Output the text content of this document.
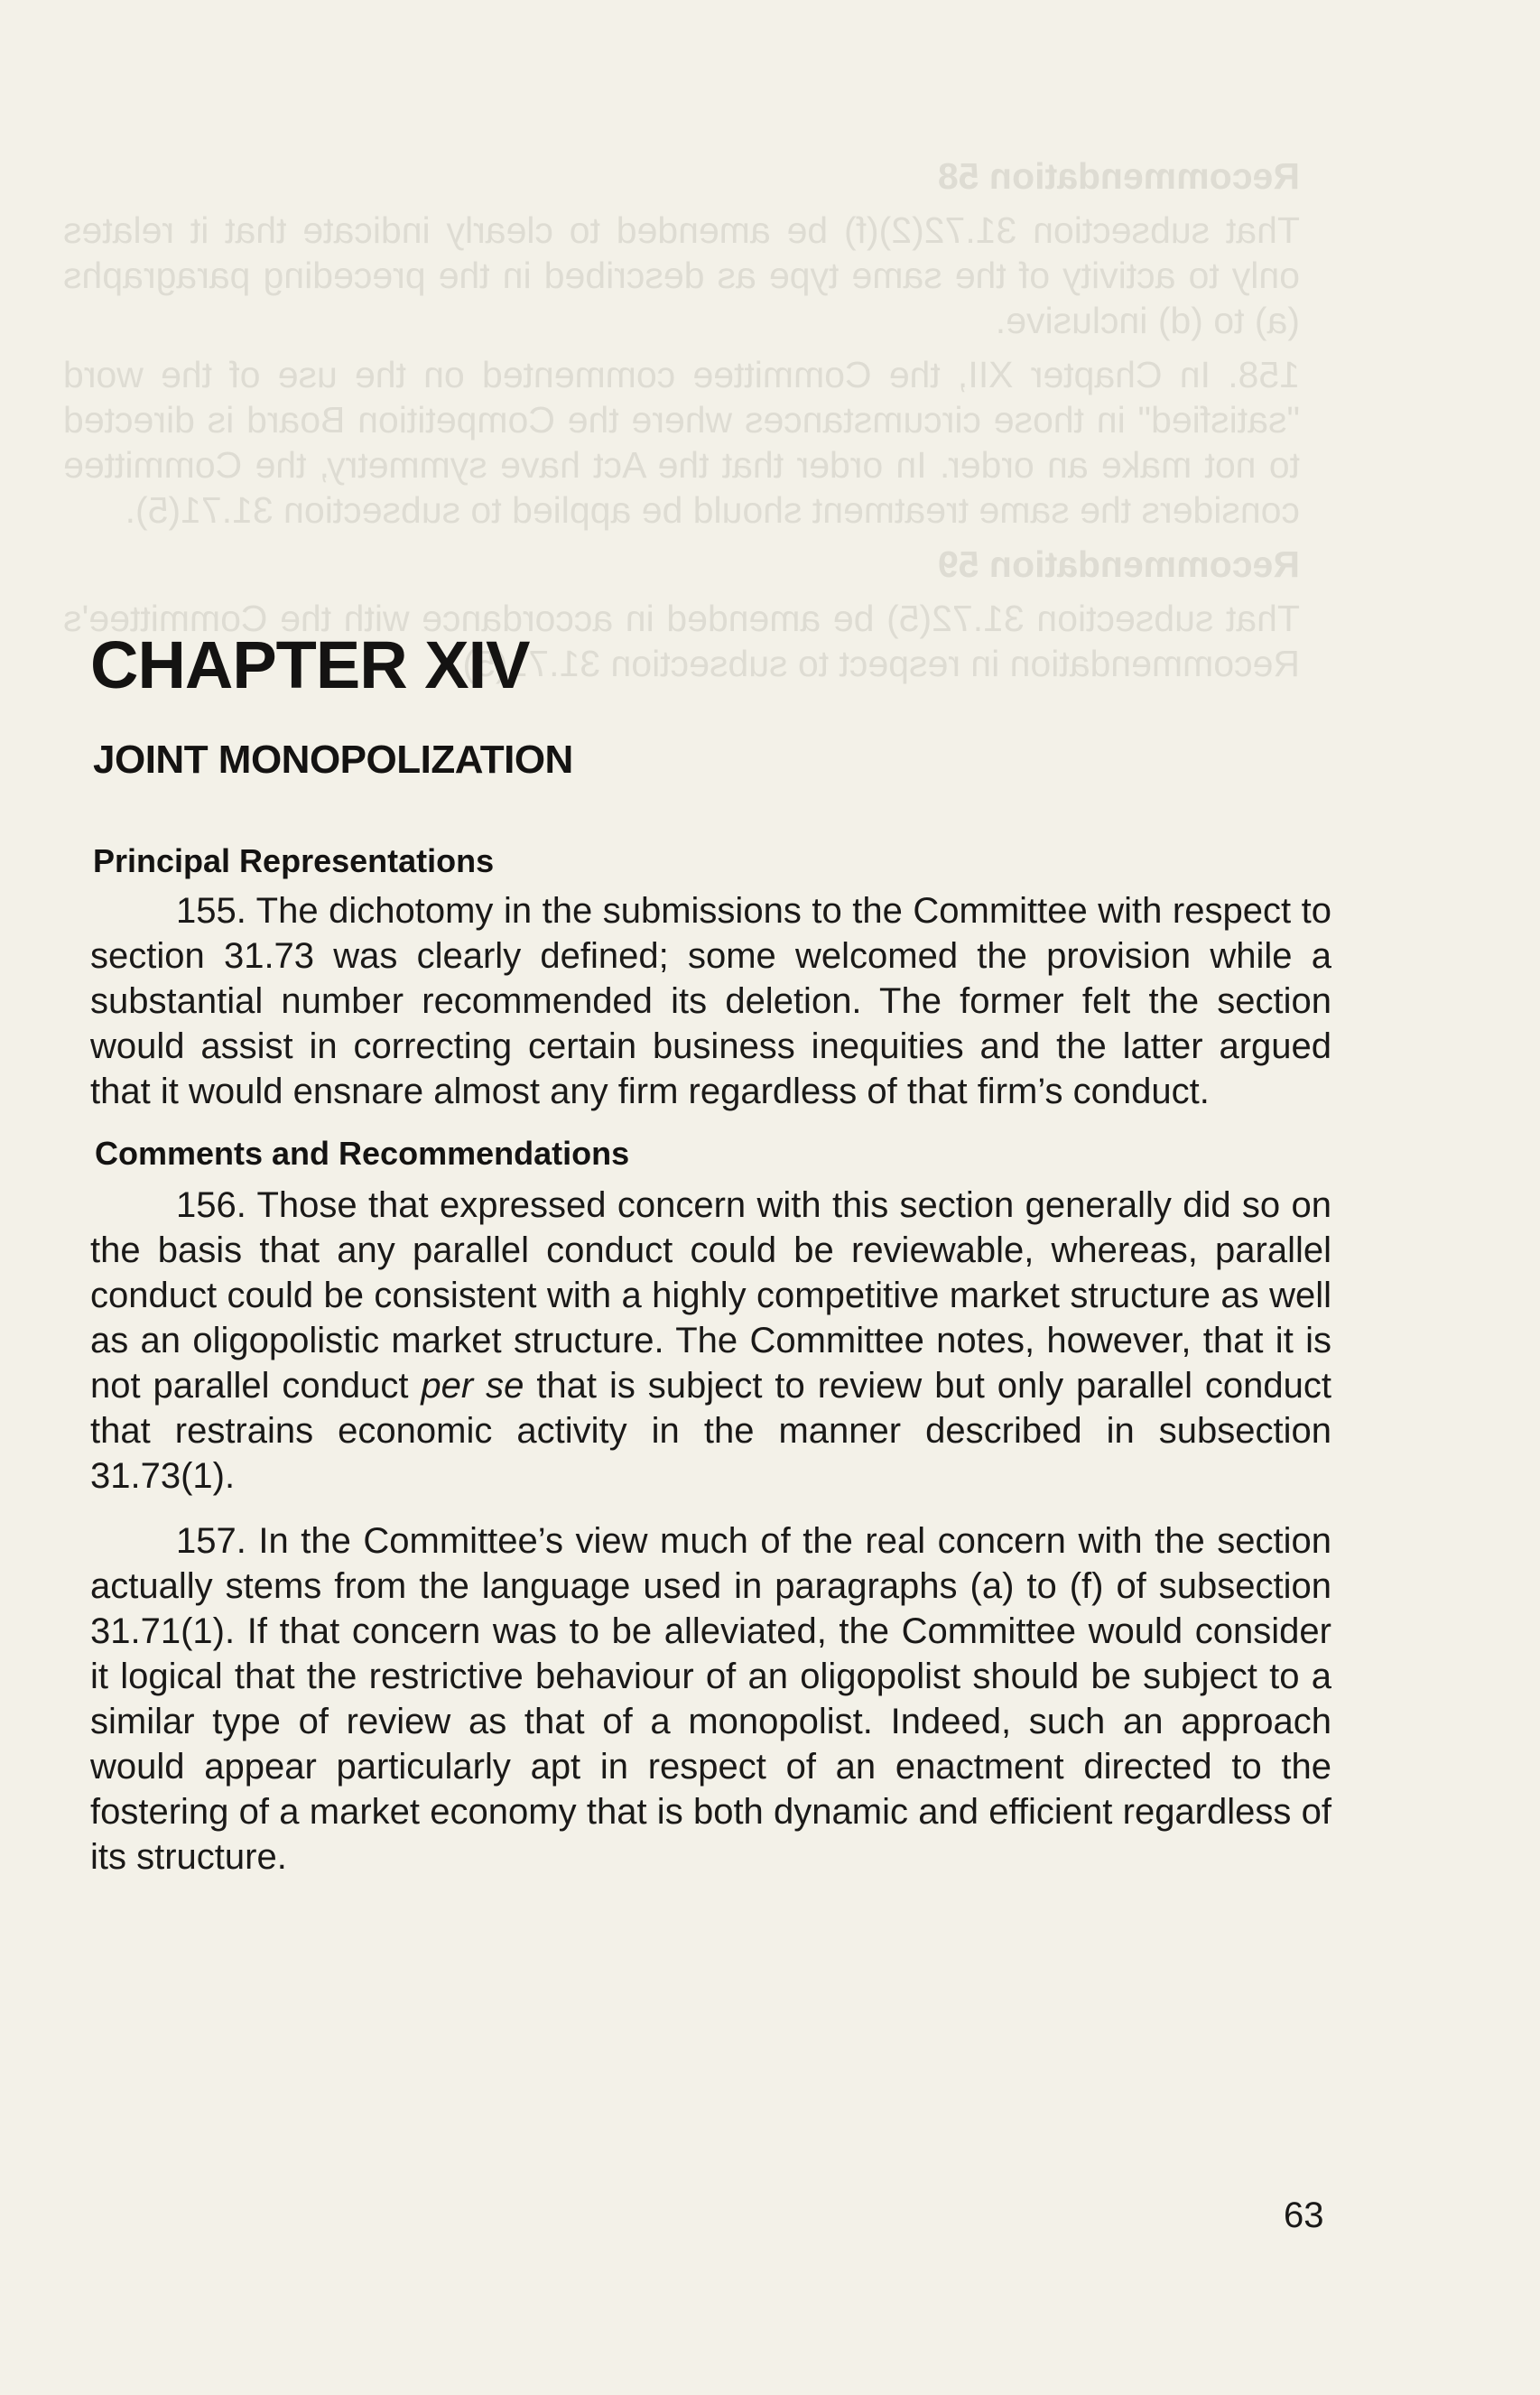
Recommendation 58

That subsection 31.72(2)(f) be amended to clearly indicate that it relates only to activity of the same type as described in the preceding paragraphs (a) to (d) inclusive.

158. In Chapter XII, the Committee commented on the use of the word "satisfied" in those circumstances where the Competition Board is directed to not make an order. In order that the Act have symmetry, the Committee considers the same treatment should be applied to subsection 31.71(5).

Recommendation 59

That subsection 31.72(5) be amended in accordance with the Committee's Recommendation in respect to subsection 31.71(5).

CHAPTER XIV
JOINT MONOPOLIZATION
Principal Representations

155. The dichotomy in the submissions to the Committee with respect to section 31.73 was clearly defined; some welcomed the provision while a substantial number recommended its deletion. The former felt the section would assist in correcting certain business inequities and the latter argued that it would ensnare almost any firm regardless of that firm’s conduct.

Comments and Recommendations

156. Those that expressed concern with this section generally did so on the basis that any parallel conduct could be reviewable, whereas, parallel conduct could be consistent with a highly competitive market structure as well as an oligopolistic market structure. The Committee notes, however, that it is not parallel conduct per se that is subject to review but only parallel conduct that restrains economic activity in the manner described in subsection 31.73(1).

157. In the Committee’s view much of the real concern with the section actually stems from the language used in paragraphs (a) to (f) of subsection 31.71(1). If that concern was to be alleviated, the Committee would consider it logical that the restrictive behaviour of an oligopolist should be subject to a similar type of review as that of a monopolist. Indeed, such an approach would appear particularly apt in respect of an enactment directed to the fostering of a market economy that is both dynamic and efficient regardless of its structure.

63
